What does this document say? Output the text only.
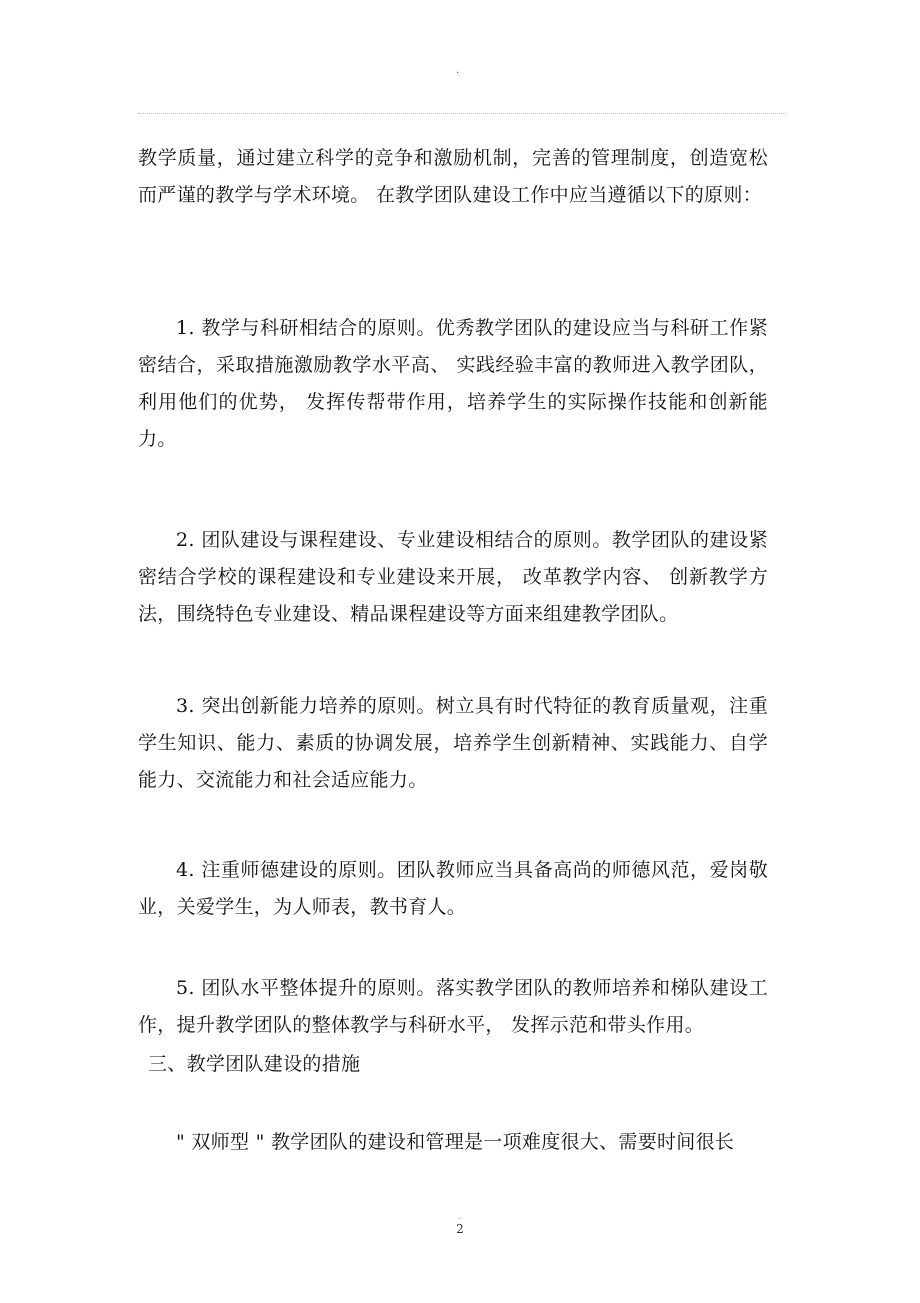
.

教学质量，通过建立科学的竞争和激励机制，完善的管理制度，创造宽松而严谨的教学与学术环境。 在教学团队建设工作中应当遵循以下的原则：

1. 教学与科研相结合的原则。优秀教学团队的建设应当与科研工作紧密结合，采取措施激励教学水平高、 实践经验丰富的教师进入教学团队，利用他们的优势， 发挥传帮带作用，培养学生的实际操作技能和创新能力。

2. 团队建设与课程建设、专业建设相结合的原则。教学团队的建设紧密结合学校的课程建设和专业建设来开展， 改革教学内容、 创新教学方法，围绕特色专业建设、精品课程建设等方面来组建教学团队。

3. 突出创新能力培养的原则。树立具有时代特征的教育质量观，注重学生知识、能力、素质的协调发展，培养学生创新精神、实践能力、自学能力、交流能力和社会适应能力。

4. 注重师德建设的原则。团队教师应当具备高尚的师德风范，爱岗敬业，关爱学生，为人师表，教书育人。

5. 团队水平整体提升的原则。落实教学团队的教师培养和梯队建设工作，提升教学团队的整体教学与科研水平， 发挥示范和带头作用。

三、教学团队建设的措施

" 双师型 " 教学团队的建设和管理是一项难度很大、需要时间很长

.
2
